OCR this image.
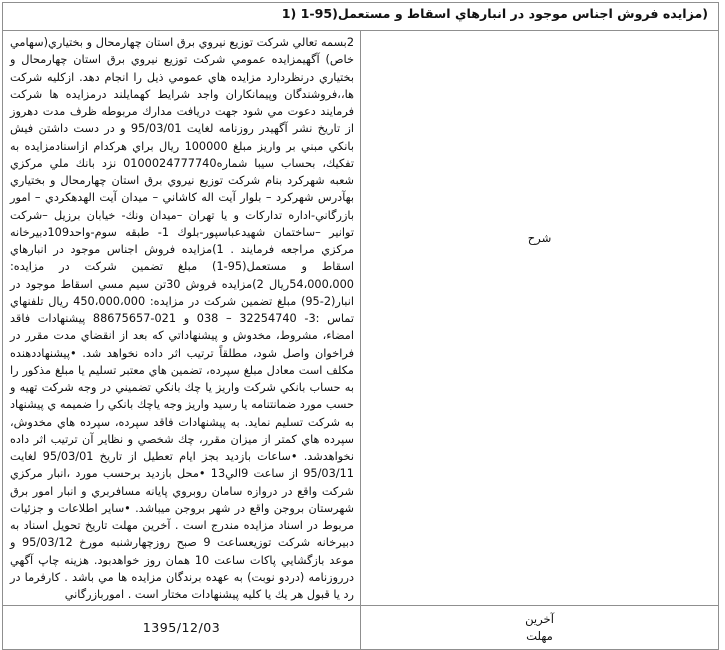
(مزایده فروش اجناس موجود در انبارهاي اسقاط و مستعمل(95-1 (1	
شرح	2بسمه تعالي شركت توزيع نيروي برق استان چهارمحال و بختياري(سهامي خاص) آگهيمزايده عمومي شركت توزيع نيروي برق استان چهارمحال و بختياري درنظردارد مزايده هاي عمومي ذيل را انجام دهد. ازكليه شركت ها،،فروشندگان وپيمانكاران واجد شرايط كهمايلند درمزايده ها شركت فرمايند دعوت مي شود جهت دريافت مدارك مربوطه ظرف مدت دهروز از تاريخ نشر آگهيدر روزنامه لغايت 95/03/01 و در دست داشتن فيش بانكي مبني بر واريز مبلغ 100000 ريال براي هركدام ازاسنادمزايده به تفكيك، بحساب سيبا شماره0100024777740 نزد بانك ملي مركزي شعبه شهركرد بنام شركت توزيع نيروي برق استان چهارمحال و بختياري بهآدرس شهركرد – بلوار آيت اله كاشاني – ميدان آيت الهدهكردي – امور بازرگاني-اداره تداركات و يا تهران –ميدان ونك- خيابان برزيل –شركت توانير –ساختمان شهيدعباسپور-بلوك 1- طبقه سوم-واحد109دبيرخانه مركزي مراجعه فرمايند . 1)مزايده فروش اجناس موجود در انبارهاي اسقاط و مستعمل(95-1) مبلغ تضمين شركت در مزايده: 54،000،000ريال 2)مزايده فروش 30تن سيم مسي اسقاط موجود در انبار(2-95) مبلغ تضمين شركت در مزايده: 450،000،000 ريال تلفنهاي تماس :3- 32254740 – 038 و 021-88675657 پيشنهادات فاقد امضاء، مشروط، مخدوش و پيشنهاداتي كه بعد از انقضاي مدت مقرر در فراخوان واصل شود، مطلقاً ترتيب اثر داده نخواهد شد. •پيشنهاددهنده مكلف است معادل مبلغ سپرده، تضمين هاي معتبر تسليم يا مبلغ مذكور را به حساب بانكي شركت واريز يا چك بانكي تضميني در وجه شركت تهيه و حسب مورد ضمانتنامه يا رسيد واريز وجه ياچك بانكي را ضميمه ي پيشنهاد به شركت تسليم نمايد. به پيشنهادات فاقد سپرده، سپرده هاي مخدوش، سپرده هاي كمتر از ميزان مقرر، چك شخصي و نظاير آن ترتيب اثر داده نخواهدشد. •ساعات بازديد بجز ايام تعطيل از تاريخ 95/03/01 لغايت 95/03/11 از ساعت 9الي13 •محل بازديد برحسب مورد ،انبار مركزي شركت واقع در دروازه سامان روبروي پايانه مسافربري و انبار امور برق شهرستان بروجن واقع در شهر بروجن ميباشد. •ساير اطلاعات و جزئيات مربوط در اسناد مزايده مندرج است . آخرين مهلت تاريخ تحويل اسناد به دبيرخانه شركت توزيعساعت 9 صبح روزچهارشنبه مورخ 95/03/12 و موعد بازگشايي پاكات ساعت 10 همان روز خواهدبود. هزينه چاپ آگهي درروزنامه (دردو نوبت) به عهده برندگان مزايده ها مي باشد . كارفرما در رد يا قبول هر يك يا كليه پيشنهادات مختار است . اموربازرگاني

آخرين
مهلت	1395/12/03
